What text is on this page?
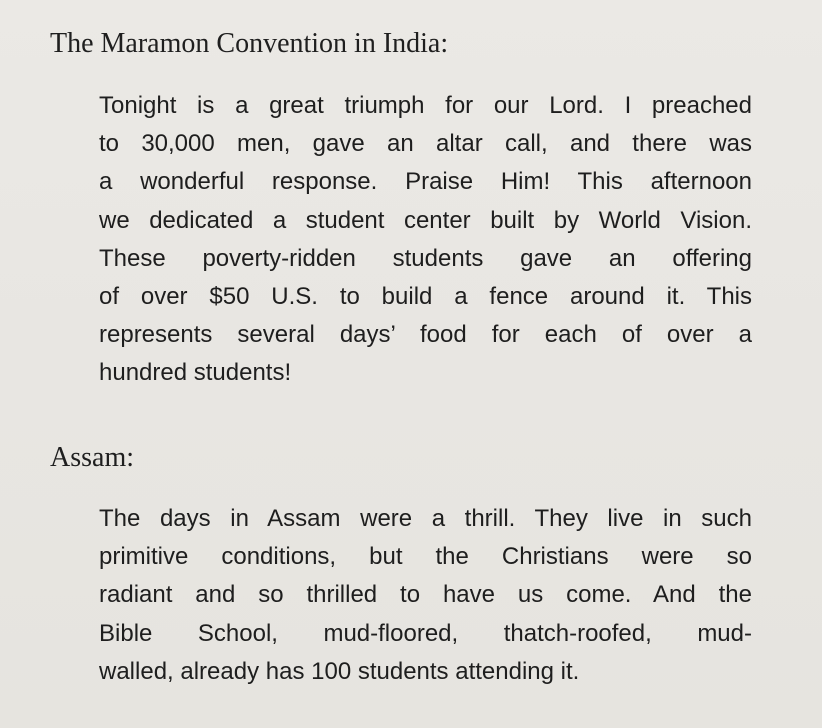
The Maramon Convention in India:
Tonight is a great triumph for our Lord. I preached
to 30,000 men, gave an altar call, and there was
a wonderful response. Praise Him! This afternoon
we dedicated a student center built by World Vision.
These poverty-ridden students gave an offering
of over $50 U.S. to build a fence around it. This
represents several days’ food for each of over a
hundred students!
Assam:
The days in Assam were a thrill. They live in such
primitive conditions, but the Christians were so
radiant and so thrilled to have us come. And the
Bible School, mud-floored, thatch-roofed, mud-
walled, already has 100 students attending it.
